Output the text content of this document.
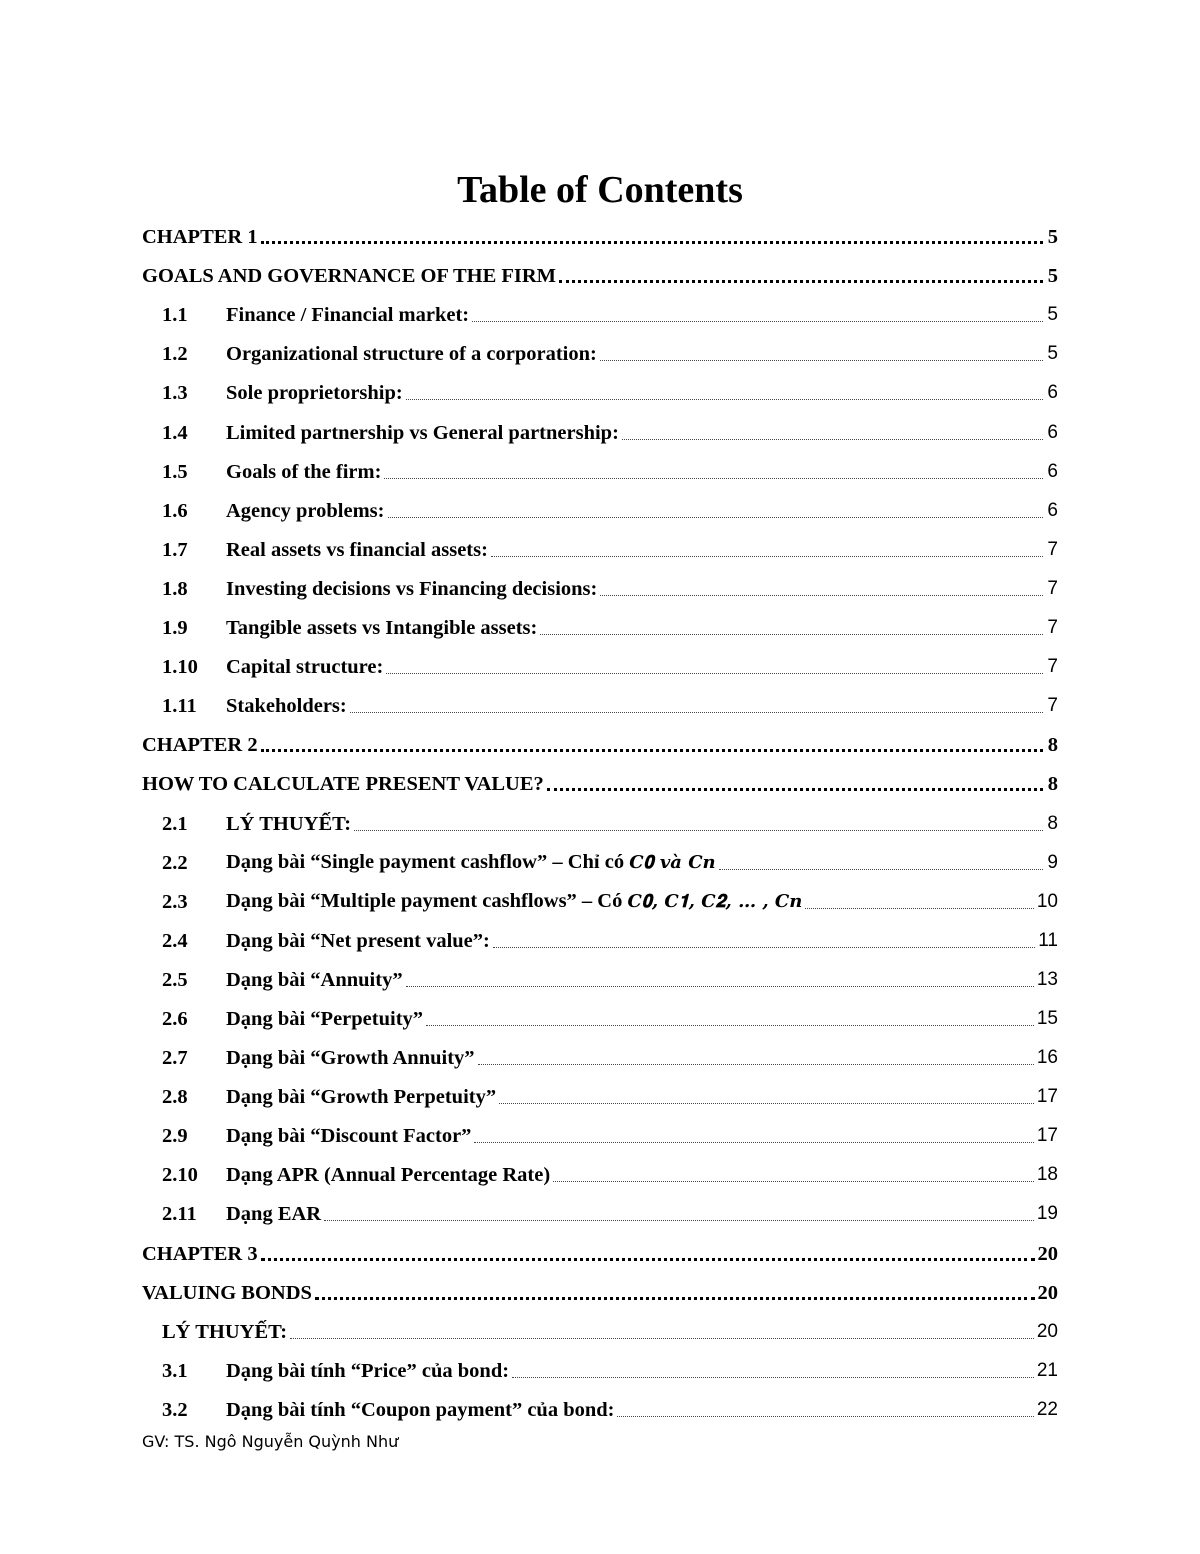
Table of Contents
CHAPTER 1	5
GOALS AND GOVERNANCE OF THE FIRM	5
1.1	Finance / Financial market:	5
1.2	Organizational structure of a corporation:	5
1.3	Sole proprietorship:	6
1.4	Limited partnership vs General partnership:	6
1.5	Goals of the firm:	6
1.6	Agency problems:	6
1.7	Real assets vs financial assets:	7
1.8	Investing decisions vs Financing decisions:	7
1.9	Tangible assets vs Intangible assets:	7
1.10	Capital structure:	7
1.11	Stakeholders:	7
CHAPTER 2	8
HOW TO CALCULATE PRESENT VALUE?	8
2.1	LÝ THUYẾT:	8
2.2	Dạng bài “Single payment cashflow” – Chỉ có 𝑪𝟎 và 𝑪𝒏	9
2.3	Dạng bài “Multiple payment cashflows” – Có 𝑪𝟎, 𝑪𝟏, 𝑪𝟐, … , 𝑪𝒏	10
2.4	Dạng bài “Net present value”:	11
2.5	Dạng bài “Annuity”	13
2.6	Dạng bài “Perpetuity”	15
2.7	Dạng bài “Growth Annuity”	16
2.8	Dạng bài “Growth Perpetuity”	17
2.9	Dạng bài “Discount Factor”	17
2.10	Dạng APR (Annual Percentage Rate)	18
2.11	Dạng EAR	19
CHAPTER 3	20
VALUING BONDS	20
LÝ THUYẾT:	20
3.1	Dạng bài tính “Price” của bond:	21
3.2	Dạng bài tính “Coupon payment” của bond:	22
GV: TS. Ngô Nguyễn Quỳnh Như
